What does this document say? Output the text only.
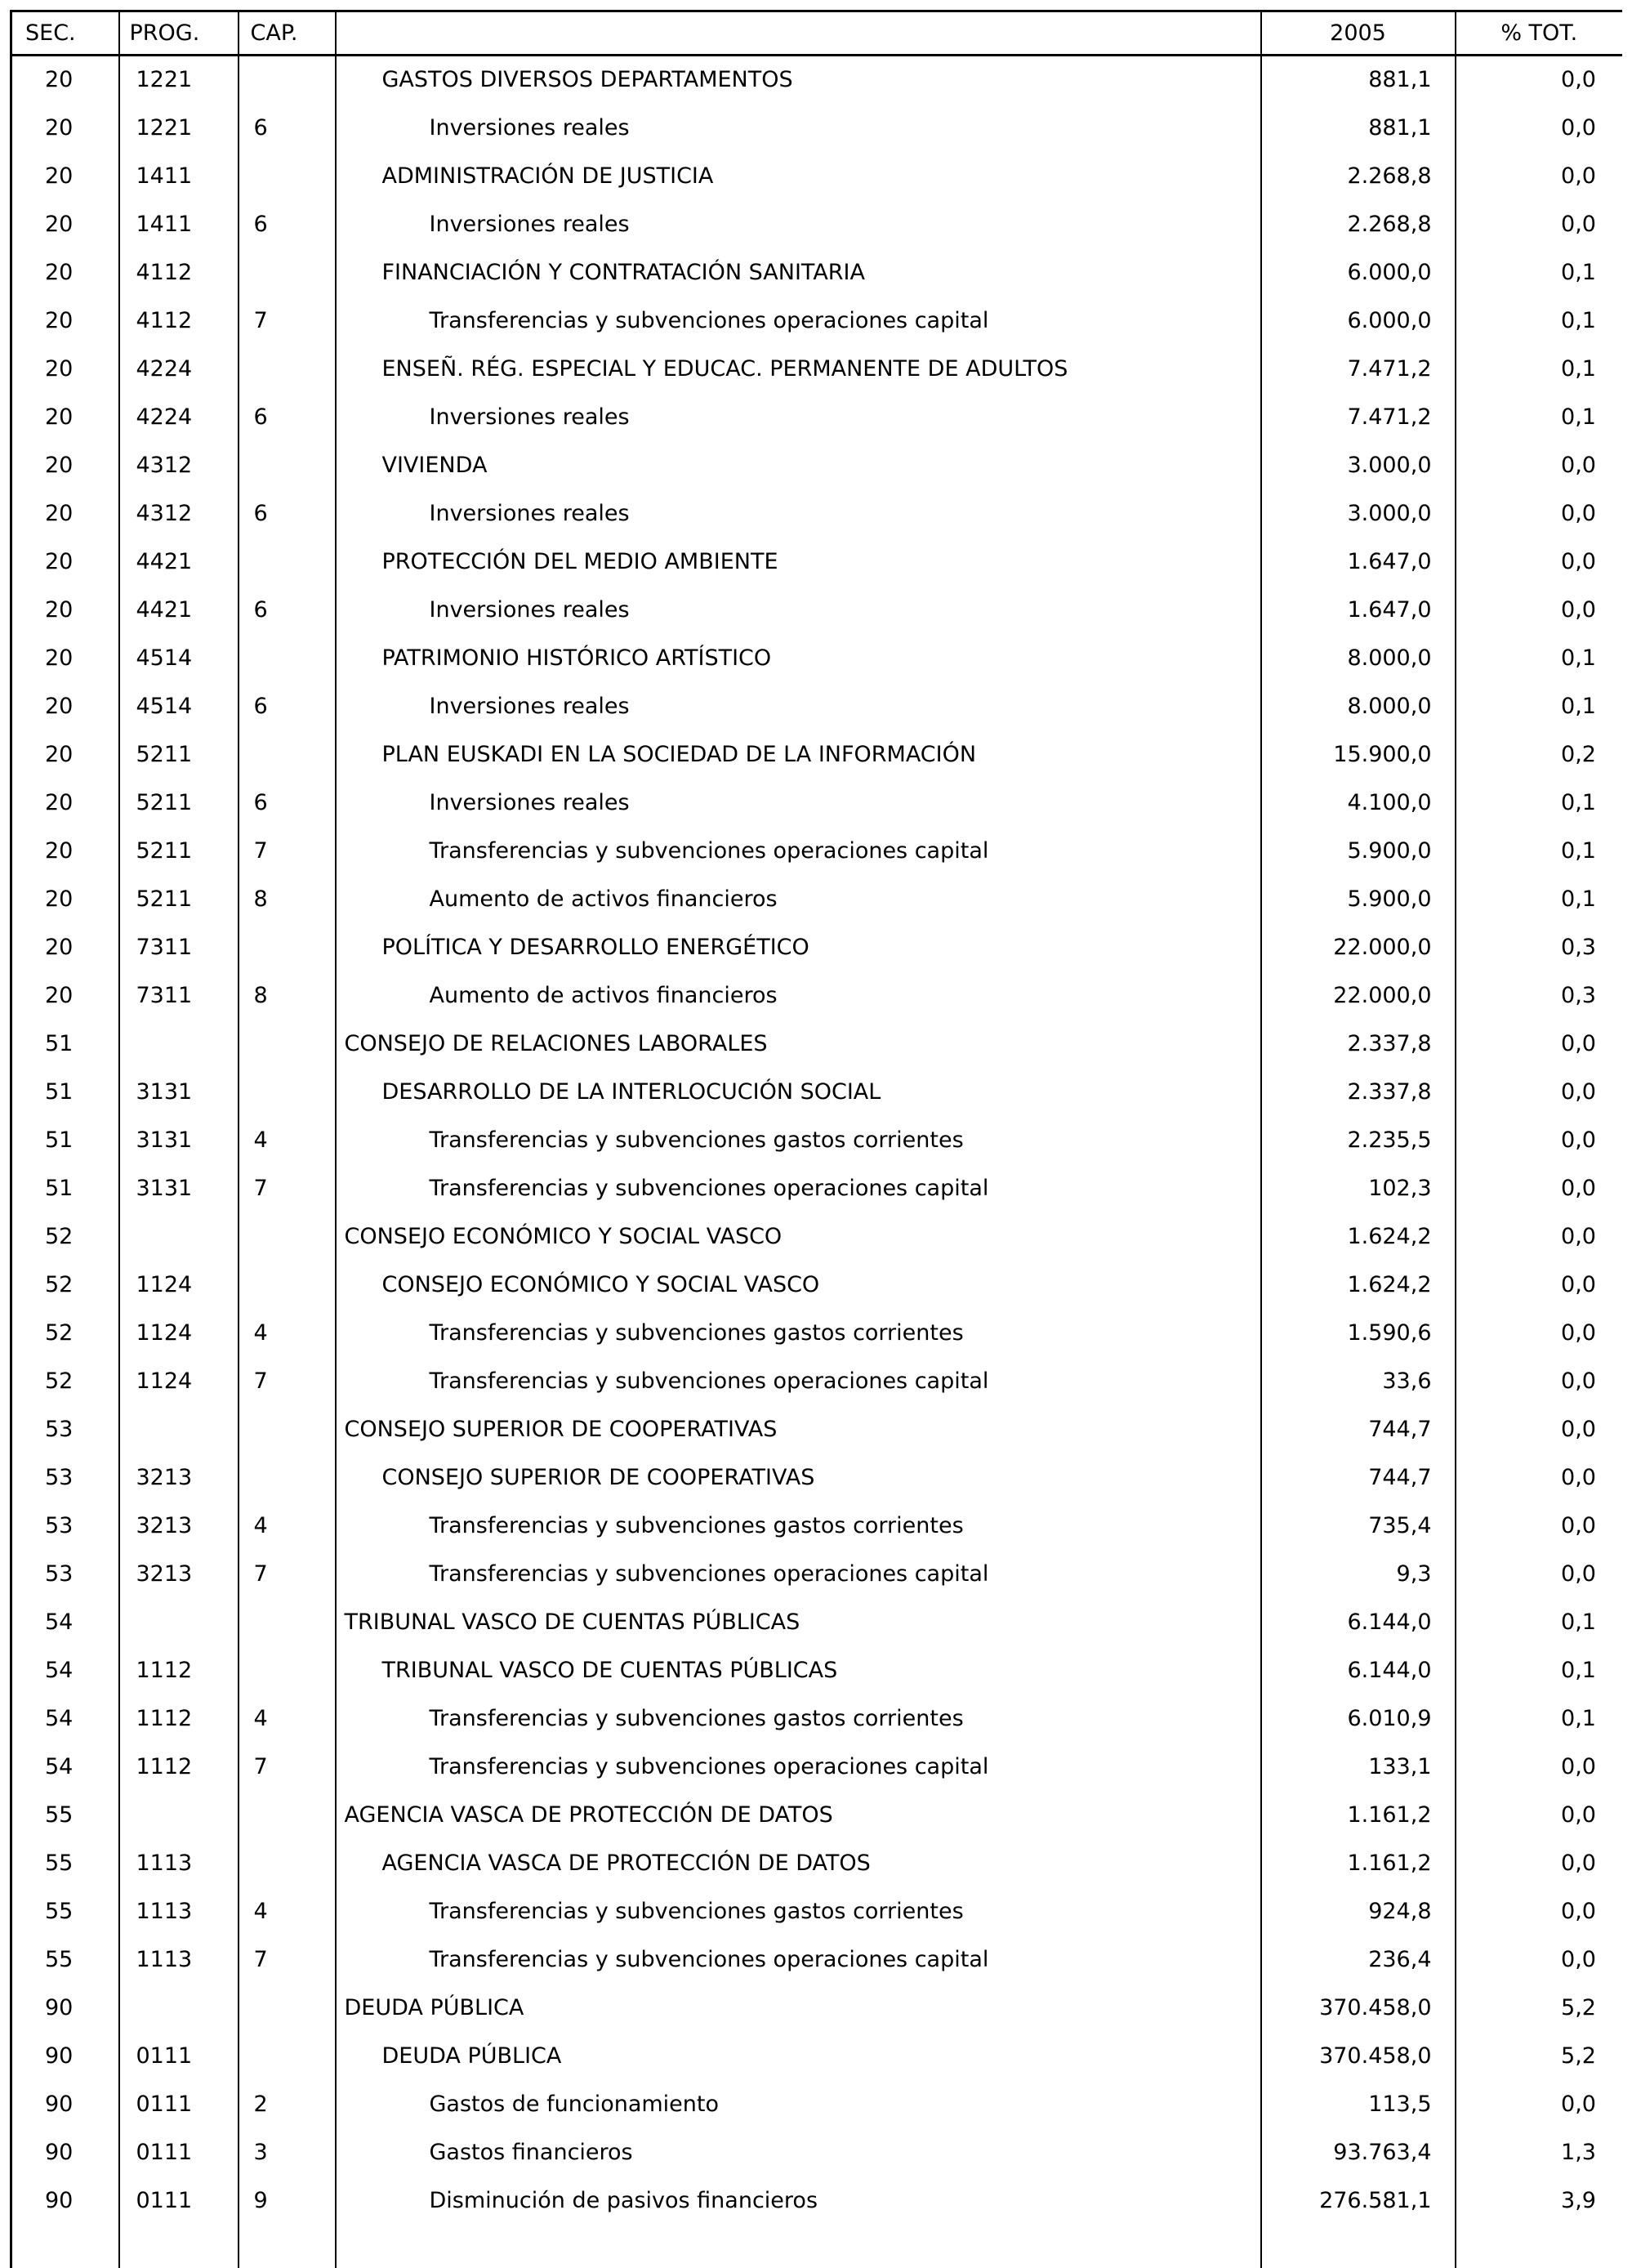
SEC.	PROG.	CAP.		2005	% TOT.
20	1221		GASTOS DIVERSOS DEPARTAMENTOS	881,1	0,0
20	1221	6	Inversiones reales	881,1	0,0
20	1411		ADMINISTRACIÓN DE JUSTICIA	2.268,8	0,0
20	1411	6	Inversiones reales	2.268,8	0,0
20	4112		FINANCIACIÓN Y CONTRATACIÓN SANITARIA	6.000,0	0,1
20	4112	7	Transferencias y subvenciones operaciones capital	6.000,0	0,1
20	4224		ENSEÑ. RÉG. ESPECIAL Y EDUCAC. PERMANENTE DE ADULTOS	7.471,2	0,1
20	4224	6	Inversiones reales	7.471,2	0,1
20	4312		VIVIENDA	3.000,0	0,0
20	4312	6	Inversiones reales	3.000,0	0,0
20	4421		PROTECCIÓN DEL MEDIO AMBIENTE	1.647,0	0,0
20	4421	6	Inversiones reales	1.647,0	0,0
20	4514		PATRIMONIO HISTÓRICO ARTÍSTICO	8.000,0	0,1
20	4514	6	Inversiones reales	8.000,0	0,1
20	5211		PLAN EUSKADI EN LA SOCIEDAD DE LA INFORMACIÓN	15.900,0	0,2
20	5211	6	Inversiones reales	4.100,0	0,1
20	5211	7	Transferencias y subvenciones operaciones capital	5.900,0	0,1
20	5211	8	Aumento de activos financieros	5.900,0	0,1
20	7311		POLÍTICA Y DESARROLLO ENERGÉTICO	22.000,0	0,3
20	7311	8	Aumento de activos financieros	22.000,0	0,3
51			CONSEJO DE RELACIONES LABORALES	2.337,8	0,0
51	3131		DESARROLLO DE LA INTERLOCUCIÓN SOCIAL	2.337,8	0,0
51	3131	4	Transferencias y subvenciones gastos corrientes	2.235,5	0,0
51	3131	7	Transferencias y subvenciones operaciones capital	102,3	0,0
52			CONSEJO ECONÓMICO Y SOCIAL VASCO	1.624,2	0,0
52	1124		CONSEJO ECONÓMICO Y SOCIAL VASCO	1.624,2	0,0
52	1124	4	Transferencias y subvenciones gastos corrientes	1.590,6	0,0
52	1124	7	Transferencias y subvenciones operaciones capital	33,6	0,0
53			CONSEJO SUPERIOR DE COOPERATIVAS	744,7	0,0
53	3213		CONSEJO SUPERIOR DE COOPERATIVAS	744,7	0,0
53	3213	4	Transferencias y subvenciones gastos corrientes	735,4	0,0
53	3213	7	Transferencias y subvenciones operaciones capital	9,3	0,0
54			TRIBUNAL VASCO DE CUENTAS PÚBLICAS	6.144,0	0,1
54	1112		TRIBUNAL VASCO DE CUENTAS PÚBLICAS	6.144,0	0,1
54	1112	4	Transferencias y subvenciones gastos corrientes	6.010,9	0,1
54	1112	7	Transferencias y subvenciones operaciones capital	133,1	0,0
55			AGENCIA VASCA DE PROTECCIÓN DE DATOS	1.161,2	0,0
55	1113		AGENCIA VASCA DE PROTECCIÓN DE DATOS	1.161,2	0,0
55	1113	4	Transferencias y subvenciones gastos corrientes	924,8	0,0
55	1113	7	Transferencias y subvenciones operaciones capital	236,4	0,0
90			DEUDA PÚBLICA	370.458,0	5,2
90	0111		DEUDA PÚBLICA	370.458,0	5,2
90	0111	2	Gastos de funcionamiento	113,5	0,0
90	0111	3	Gastos financieros	93.763,4	1,3
90	0111	9	Disminución de pasivos financieros	276.581,1	3,9
